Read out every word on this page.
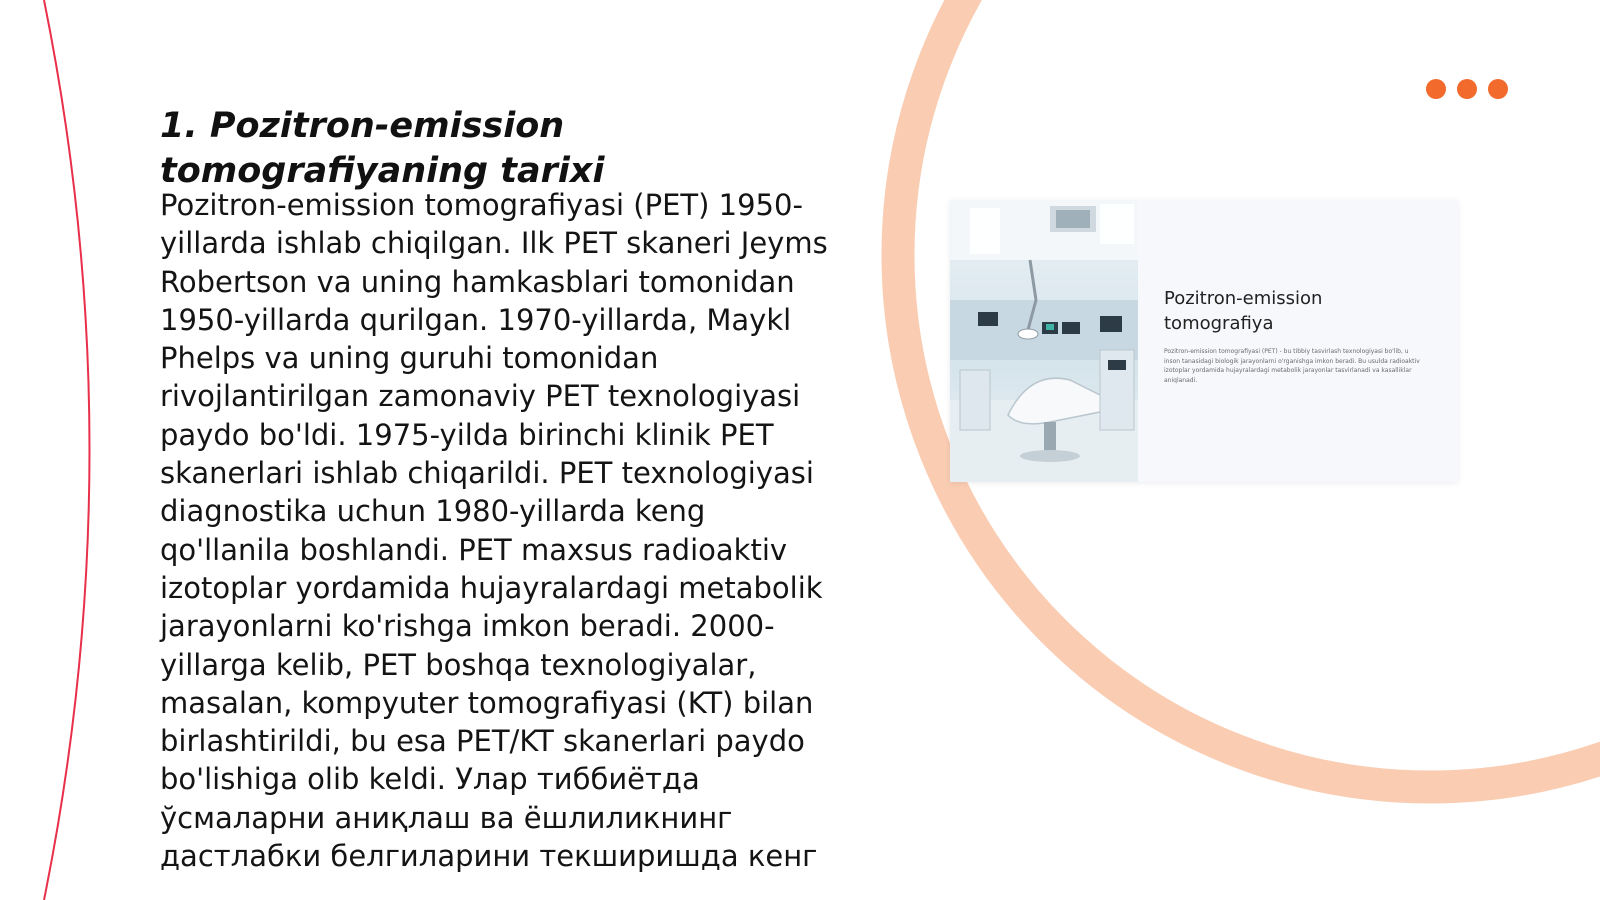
1. Pozitron-emission tomografiyaning tarixi

Pozitron-emission tomografiyasi (PET) 1950-yillarda ishlab chiqilgan. Ilk PET skaneri Jeyms Robertson va uning hamkasblari tomonidan 1950-yillarda qurilgan. 1970-yillarda, Maykl Phelps va uning guruhi tomonidan rivojlantirilgan zamonaviy PET texnologiyasi paydo bo'ldi. 1975-yilda birinchi klinik PET skanerlari ishlab chiqarildi. PET texnologiyasi diagnostika uchun 1980-yillarda keng qo'llanila boshlandi. PET maxsus radioaktiv izotoplar yordamida hujayralardagi metabolik jarayonlarni ko'rishga imkon beradi. 2000-yillarga kelib, PET boshqa texnologiyalar, masalan, kompyuter tomografiyasi (KT) bilan birlashtirildi, bu esa PET/KT skanerlari paydo bo'lishiga olib keldi. Улар тиббиётда ўсмаларни аниқлаш ва ёшлиликнинг дастлабки белгиларини текширишда кенг

Pozitron-emission tomografiya

Pozitron-emission tomografiyasi (PET) - bu tibbiy tasvirlash texnologiyasi bo'lib, u inson tanasidagi biologik jarayonlarni o'rganishga imkon beradi. Bu usulda radioaktiv izotoplar yordamida hujayralardagi metabolik jarayonlar tasvirlanadi va kasalliklar aniqlanadi.
